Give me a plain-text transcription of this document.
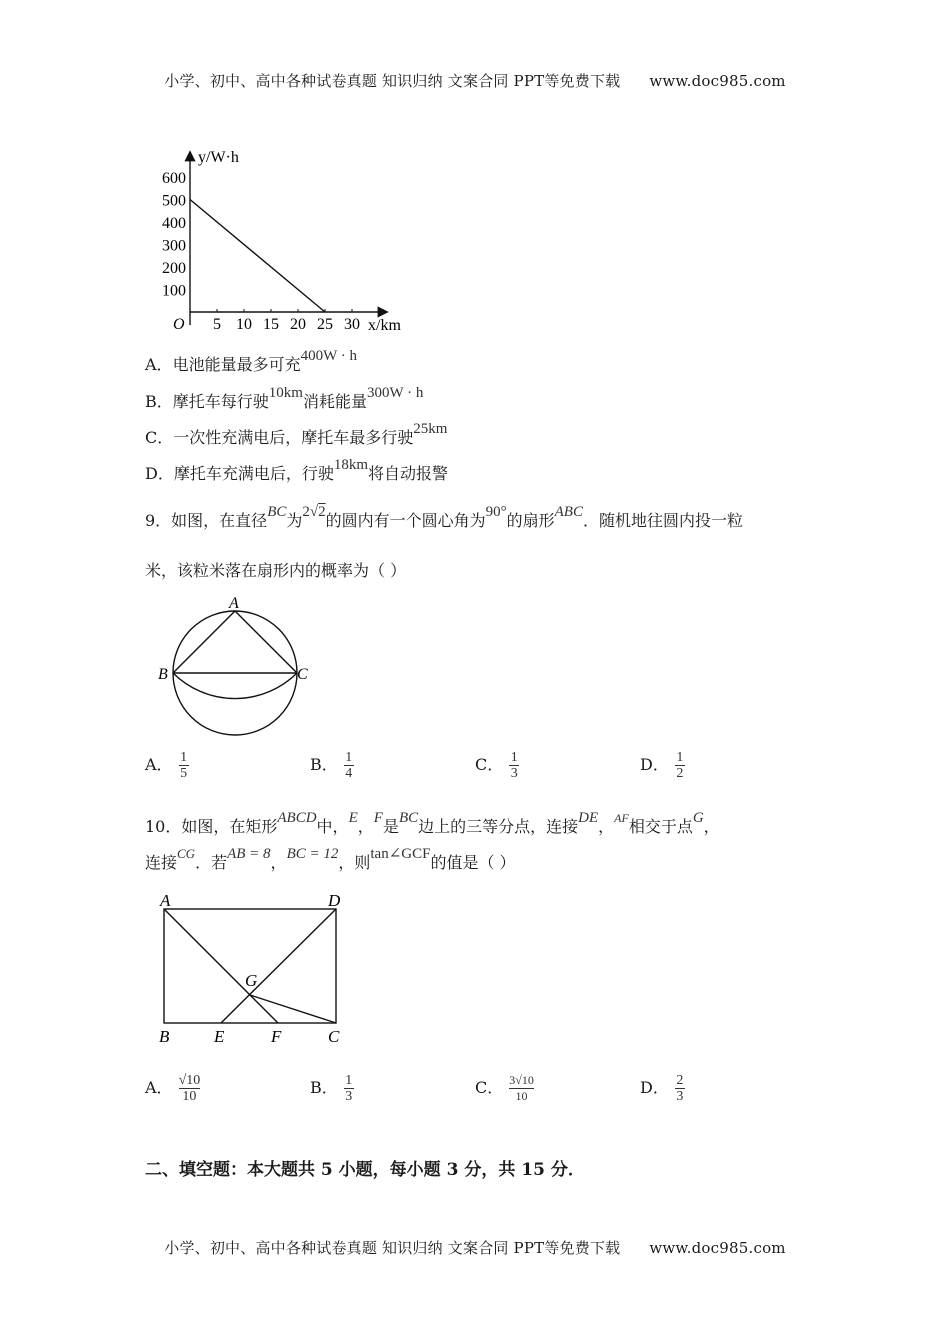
小学、初中、高中各种试卷真题 知识归纳 文案合同 PPT等免费下载 www.doc985.com
100
200
300
400
500
600
5 10 15 20 25 30
y/W·h
x/km
O
A．电池能量最多可充400W · h
B．摩托车每行驶10km消耗能量300W · h
C．一次性充满电后，摩托车最多行驶25km
D．摩托车充满电后，行驶18km将自动报警
9．如图，在直径BC为2√2的圆内有一个圆心角为90°的扇形ABC．随机地往圆内投一粒
米，该粒米落在扇形内的概率为（ ）
A
B	C
A． $\frac{1}{5}$	B． $\frac{1}{4}$	C． $\frac{1}{3}$	D． $\frac{1}{2}$
10．如图，在矩形ABCD中，E，F是BC边上的三等分点，连接DE，$^{AF}$相交于点G，
连接$^{CG}$．若AB = 8，BC = 12，则tan∠GCF的值是（ ）
A	D
G
B	E	F	C
A． $\frac{√10}{10}$	B． $\frac{1}{3}$	C． $\frac{3√10}{10}$	D． $\frac{2}{3}$
二、填空题：本大题共 5 小题，每小题 3 分，共 15 分．
小学、初中、高中各种试卷真题 知识归纳 文案合同 PPT等免费下载 www.doc985.com
